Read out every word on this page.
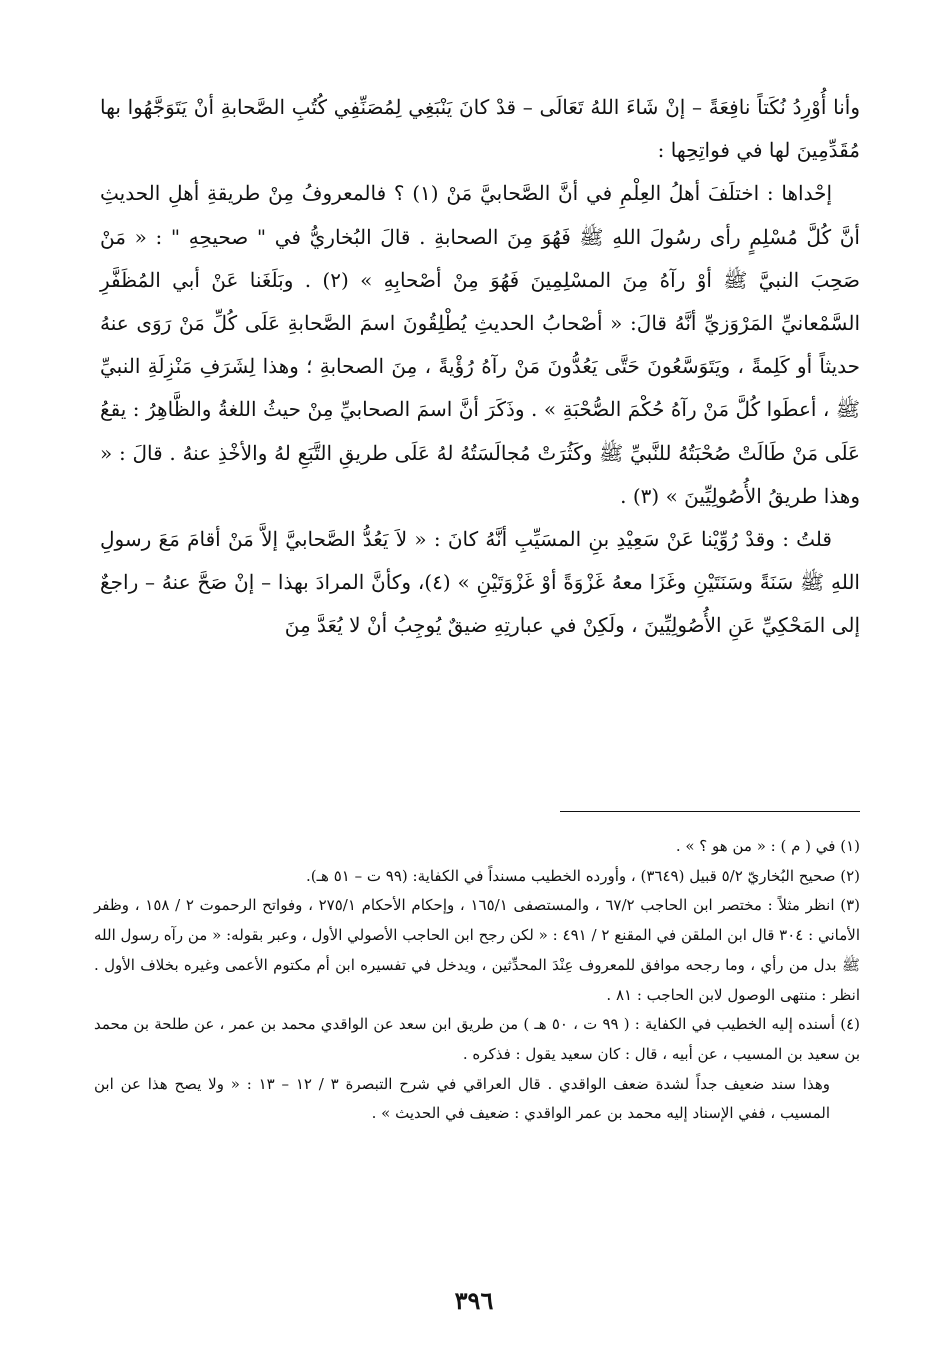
وأنا أُوْرِدُ نُكَتاً نافِعَةً – إنْ شَاءَ اللهُ تَعَالَى – قدْ كانَ يَنْبَغِي لِمُصَنِّفِي كُتُبِ الصَّحابةِ أنْ يَتَوَجَّهُوا بها مُقَدِّمِينَ لها في فواتِحِها :

إحْداها : اختلَفَ أهلُ العِلْمِ في أنَّ الصَّحابيَّ مَنْ (١) ؟ فالمعروفُ مِنْ طريقةِ أهلِ الحديثِ أنَّ كُلَّ مُسْلِمٍ رأى رسُولَ اللهِ ﷺ فَهُوَ مِنَ الصحابةِ . قالَ البُخاريُّ في " صحيحِهِ " : « مَنْ صَحِبَ النبيَّ ﷺ أوْ رآهُ مِنَ المسْلِمِينَ فَهُوَ مِنْ أصْحابِهِ » (٢) . وبَلَغَنا عَنْ أبي المُظَفَّرِ السَّمْعانيِّ المَرْوَزيِّ أنَّهُ قالَ: « أصْحابُ الحديثِ يُطْلِقُونَ اسمَ الصَّحابةِ عَلَى كُلِّ مَنْ رَوَى عنهُ حديثاً أو كَلِمةً ، ويَتَوَسَّعُونَ حَتَّى يَعُدُّونَ مَنْ رآهُ رُؤْيةً ، مِنَ الصحابةِ ؛ وهذا لِشَرَفِ مَنْزِلَةِ النبيِّ ﷺ ، أعطَوا كُلَّ مَنْ رآهُ حُكْمَ الصُّحْبَةِ » . وذَكَرَ أنَّ اسمَ الصحابيِّ مِنْ حيثُ اللغةُ والظَّاهِرُ : يقعُ عَلَى مَنْ طَالَتْ صُحْبَتُهُ للنَّبيِّ ﷺ وكَثُرَتْ مُجالَسَتُهُ لهُ عَلَى طريقِ التَّبَعِ لهُ والأخْذِ عنهُ . قالَ : « وهذا طريقُ الأُصُولِيِّينَ » (٣) .

قلتُ : وقدْ رُوِّيْنا عَنْ سَعِيْدِ بنِ المسَيِّبِ أنَّهُ كانَ : « لاَ يَعُدُّ الصَّحابيَّ إلاَّ مَنْ أقامَ مَعَ رسولِ اللهِ ﷺ سَنَةً وسَنَتَيْنِ وغَزَا معهُ غَزْوَةً أوْ غَزْوَتَيْنِ » (٤)، وكأنَّ المرادَ بهذا – إنْ صَحَّ عنهُ – راجعٌ إلى المَحْكِيِّ عَنِ الأُصُولِيِّينَ ، ولَكِنْ في عبارتِهِ ضيقٌ يُوجِبُ أنْ لا يُعَدَّ مِنَ

(١) في ( م ) : « من هو ؟ » .

(٢) صحيح البُخاريّ ٥/٢ قبيل (٣٦٤٩) ، وأورده الخطيب مسنداً في الكفاية: (٩٩ ت – ٥١ هـ).

(٣) انظر مثلاً : مختصر ابن الحاجب ٦٧/٢ ، والمستصفى ١٦٥/١ ، وإحكام الأحكام ٢٧٥/١ ، وفواتح الرحموت ٢ / ١٥٨ ، وظفر الأماني : ٣٠٤ قال ابن الملقن في المقنع ٢ / ٤٩١ : « لكن رجح ابن الحاجب الأصولي الأول ، وعبر بقوله: « من رآه رسول الله ﷺ بدل من رأي ، وما رجحه موافق للمعروف عِنْدَ المحدِّثين ، ويدخل في تفسيره ابن أم مكتوم الأعمى وغيره بخلاف الأول . انظر : منتهى الوصول لابن الحاجب : ٨١ .

(٤) أسنده إليه الخطيب في الكفاية : ( ٩٩ ت ، ٥٠ هـ ) من طريق ابن سعد عن الواقدي محمد بن عمر ، عن طلحة بن محمد بن سعيد بن المسيب ، عن أبيه ، قال : كان سعيد يقول : فذكره .

وهذا سند ضعيف جداً لشدة ضعف الواقدي . قال العراقي في شرح التبصرة ٣ / ١٢ – ١٣ : « ولا يصح هذا عن ابن المسيب ، ففي الإسناد إليه محمد بن عمر الواقدي : ضعيف في الحديث » .

٣٩٦
